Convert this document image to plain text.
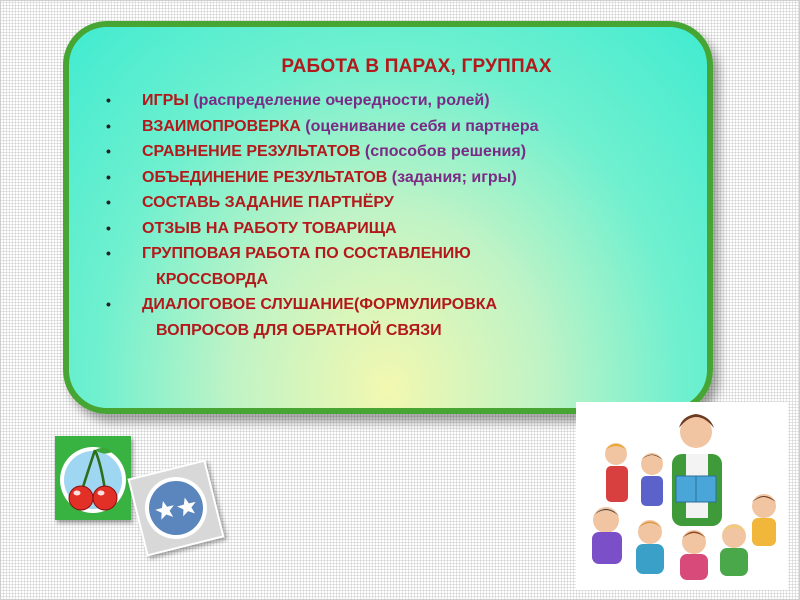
РАБОТА В ПАРАХ, ГРУППАХ
• ИГРЫ (распределение очередности, ролей)
• ВЗАИМОПРОВЕРКА (оценивание себя и партнера
• СРАВНЕНИЕ РЕЗУЛЬТАТОВ (способов решения)
• ОБЪЕДИНЕНИЕ РЕЗУЛЬТАТОВ (задания; игры)
• СОСТАВЬ ЗАДАНИЕ ПАРТНЁРУ
• ОТЗЫВ НА РАБОТУ ТОВАРИЩА
• ГРУППОВАЯ РАБОТА ПО СОСТАВЛЕНИЮ
КРОССВОРДА
• ДИАЛОГОВОЕ СЛУШАНИЕ(ФОРМУЛИРОВКА
ВОПРОСОВ ДЛЯ ОБРАТНОЙ СВЯЗИ
